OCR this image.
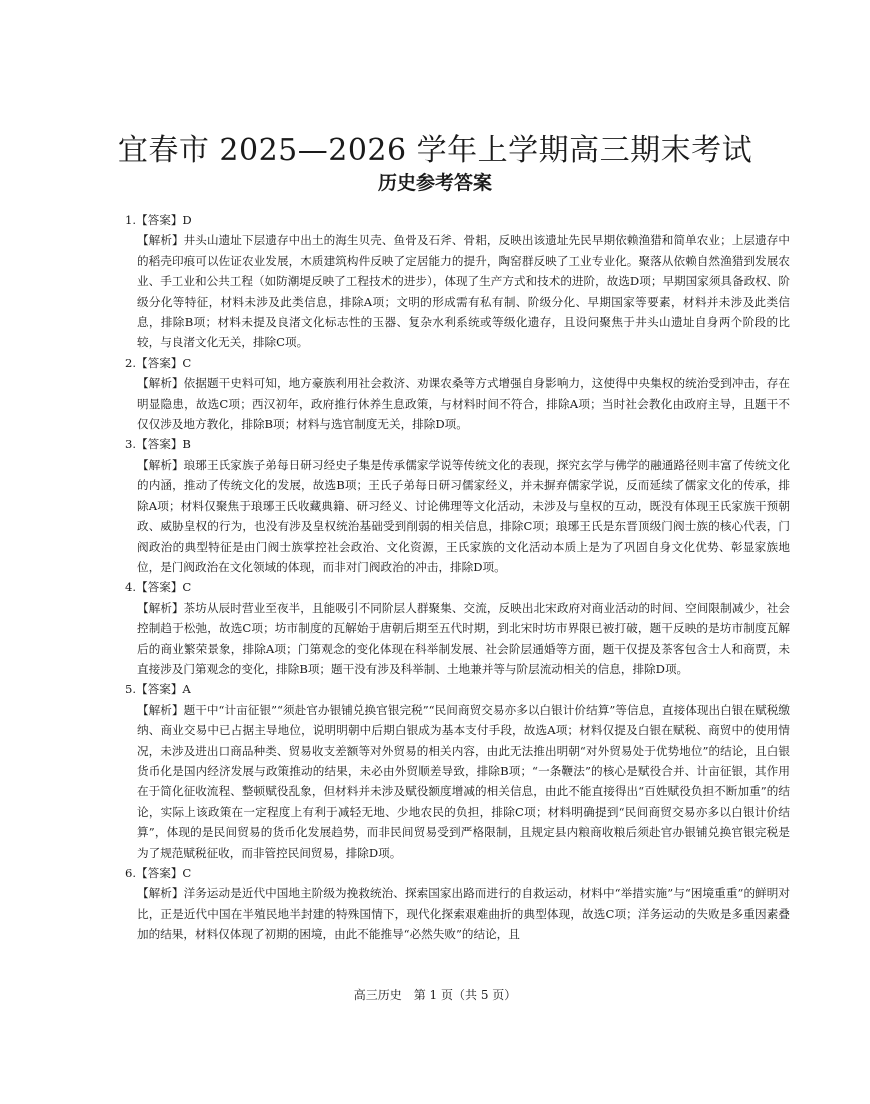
宜春市 2025—2026 学年上学期高三期末考试
历史参考答案
1.【答案】D
【解析】井头山遗址下层遗存中出土的海生贝壳、鱼骨及石斧、骨耜，反映出该遗址先民早期依赖渔猎和简单农业；上层遗存中的稻壳印痕可以佐证农业发展，木质建筑构件反映了定居能力的提升，陶窑群反映了工业专业化。聚落从依赖自然渔猎到发展农业、手工业和公共工程（如防潮堤反映了工程技术的进步），体现了生产方式和技术的进阶，故选D项；早期国家须具备政权、阶级分化等特征，材料未涉及此类信息，排除A项；文明的形成需有私有制、阶级分化、早期国家等要素，材料并未涉及此类信息，排除B项；材料未提及良渚文化标志性的玉器、复杂水利系统或等级化遗存，且设问聚焦于井头山遗址自身两个阶段的比较，与良渚文化无关，排除C项。
2.【答案】C
【解析】依据题干史料可知，地方豪族利用社会救济、劝课农桑等方式增强自身影响力，这使得中央集权的统治受到冲击，存在明显隐患，故选C项；西汉初年，政府推行休养生息政策，与材料时间不符合，排除A项；当时社会教化由政府主导，且题干不仅仅涉及地方教化，排除B项；材料与选官制度无关，排除D项。
3.【答案】B
【解析】琅琊王氏家族子弟每日研习经史子集是传承儒家学说等传统文化的表现，探究玄学与佛学的融通路径则丰富了传统文化的内涵，推动了传统文化的发展，故选B项；王氏子弟每日研习儒家经义，并未摒弃儒家学说，反而延续了儒家文化的传承，排除A项；材料仅聚焦于琅琊王氏收藏典籍、研习经义、讨论佛理等文化活动，未涉及与皇权的互动，既没有体现王氏家族干预朝政、威胁皇权的行为，也没有涉及皇权统治基础受到削弱的相关信息，排除C项；琅琊王氏是东晋顶级门阀士族的核心代表，门阀政治的典型特征是由门阀士族掌控社会政治、文化资源，王氏家族的文化活动本质上是为了巩固自身文化优势、彰显家族地位，是门阀政治在文化领域的体现，而非对门阀政治的冲击，排除D项。
4.【答案】C
【解析】茶坊从辰时营业至夜半，且能吸引不同阶层人群聚集、交流，反映出北宋政府对商业活动的时间、空间限制减少，社会控制趋于松弛，故选C项；坊市制度的瓦解始于唐朝后期至五代时期，到北宋时坊市界限已被打破，题干反映的是坊市制度瓦解后的商业繁荣景象，排除A项；门第观念的变化体现在科举制发展、社会阶层通婚等方面，题干仅提及茶客包含士人和商贾，未直接涉及门第观念的变化，排除B项；题干没有涉及科举制、土地兼并等与阶层流动相关的信息，排除D项。
5.【答案】A
【解析】题干中“计亩征银”“须赴官办银铺兑换官银完税”“民间商贸交易亦多以白银计价结算”等信息，直接体现出白银在赋税缴纳、商业交易中已占据主导地位，说明明朝中后期白银成为基本支付手段，故选A项；材料仅提及白银在赋税、商贸中的使用情况，未涉及进出口商品种类、贸易收支差额等对外贸易的相关内容，由此无法推出明朝“对外贸易处于优势地位”的结论，且白银货币化是国内经济发展与政策推动的结果，未必由外贸顺差导致，排除B项；“一条鞭法”的核心是赋役合并、计亩征银，其作用在于简化征收流程、整顿赋役乱象，但材料并未涉及赋役额度增减的相关信息，由此不能直接得出“百姓赋役负担不断加重”的结论，实际上该政策在一定程度上有利于减轻无地、少地农民的负担，排除C项；材料明确提到“民间商贸交易亦多以白银计价结算”，体现的是民间贸易的货币化发展趋势，而非民间贸易受到严格限制，且规定县内粮商收粮后须赴官办银铺兑换官银完税是为了规范赋税征收，而非管控民间贸易，排除D项。
6.【答案】C
【解析】洋务运动是近代中国地主阶级为挽救统治、探索国家出路而进行的自救运动，材料中“举措实施”与“困境重重”的鲜明对比，正是近代中国在半殖民地半封建的特殊国情下，现代化探索艰难曲折的典型体现，故选C项；洋务运动的失败是多重因素叠加的结果，材料仅体现了初期的困境，由此不能推导“必然失败”的结论，且
高三历史　第 1 页（共 5 页）
